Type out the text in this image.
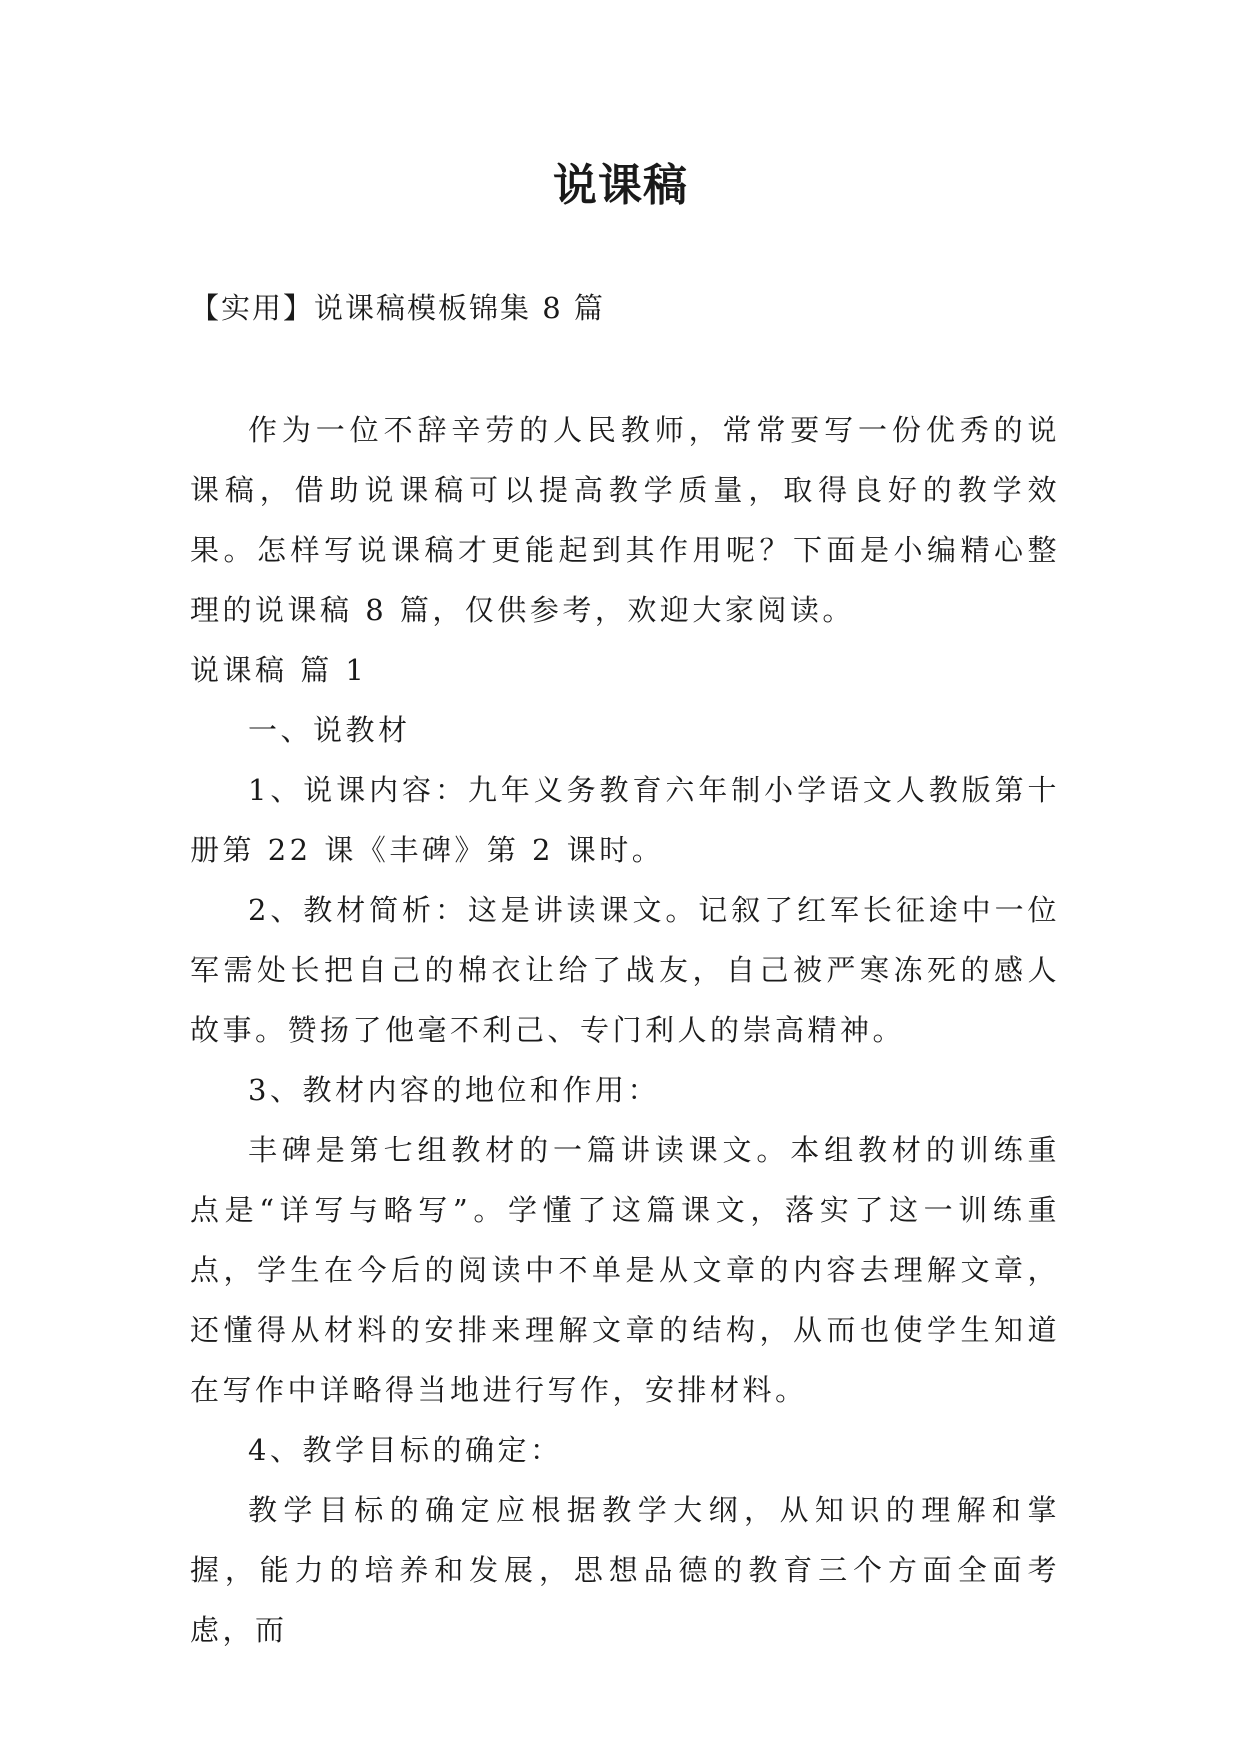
说课稿
【实用】说课稿模板锦集 8 篇

作为一位不辞辛劳的人民教师，常常要写一份优秀的说课稿，借助说课稿可以提高教学质量，取得良好的教学效果。怎样写说课稿才更能起到其作用呢？下面是小编精心整理的说课稿 8 篇，仅供参考，欢迎大家阅读。

说课稿 篇 1

一、说教材

1、说课内容：九年义务教育六年制小学语文人教版第十册第 22 课《丰碑》第 2 课时。

2、教材简析：这是讲读课文。记叙了红军长征途中一位军需处长把自己的棉衣让给了战友，自己被严寒冻死的感人故事。赞扬了他毫不利己、专门利人的崇高精神。

3、教材内容的地位和作用：

丰碑是第七组教材的一篇讲读课文。本组教材的训练重点是“详写与略写”。学懂了这篇课文，落实了这一训练重点，学生在今后的阅读中不单是从文章的内容去理解文章，还懂得从材料的安排来理解文章的结构，从而也使学生知道在写作中详略得当地进行写作，安排材料。

4、教学目标的确定：

教学目标的确定应根据教学大纲，从知识的理解和掌握，能力的培养和发展，思想品德的教育三个方面全面考虑，而
